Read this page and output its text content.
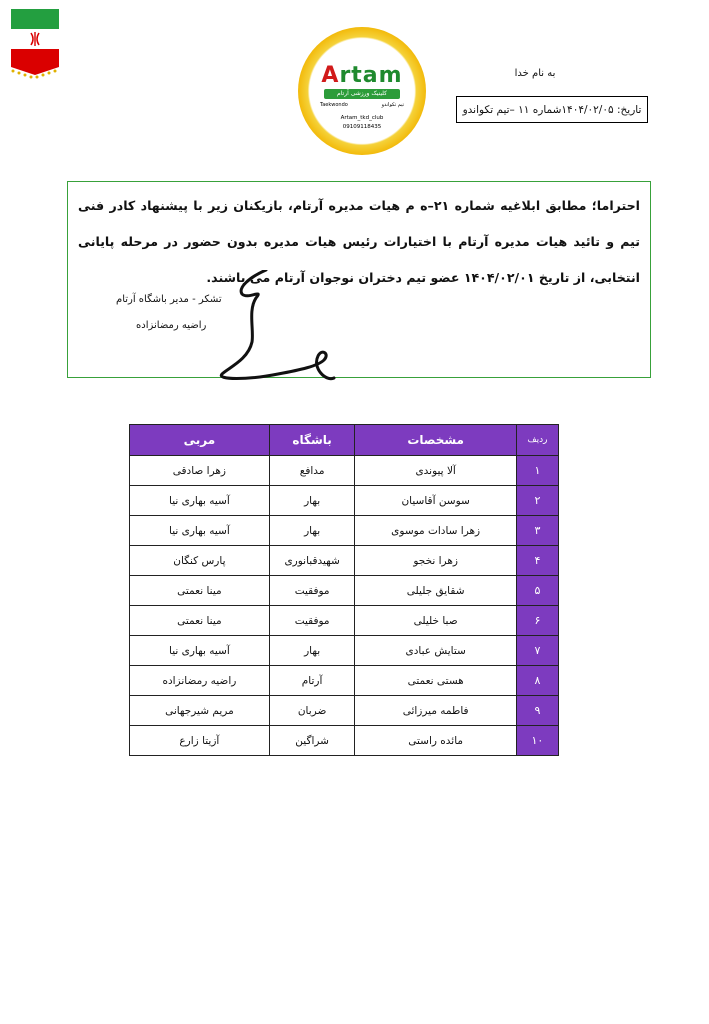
Artam
کلینیک ورزشی آرتام
Taekwondo	تیم تکواندو
Artam_tkd_club
09109118435
به نام خدا
تاریخ: ۱۴۰۴/۰۲/۰۵شماره ۱۱ –تیم تکواندو
احتراما؛ مطابق ابلاغیه شماره ۲۱–ه م هیات مدیره آرتام، بازیکنان زیر با پیشنهاد کادر فنی تیم و تائید هیات مدیره آرتام با اختیارات رئیس هیات مدیره بدون حضور در مرحله پایانی انتخابی، از تاریخ ۱۴۰۴/۰۲/۰۱ عضو تیم دختران نوجوان آرتام می باشند.
تشکر - مدیر باشگاه آرتام
راضیه رمضانزاده
ردیف	مشخصات	باشگاه	مربی
۱	آلا پیوندی	مدافع	زهرا صادقی
۲	سوسن آقاسیان	بهار	آسیه بهاری نیا
۳	زهرا سادات موسوی	بهار	آسیه بهاری نیا
۴	زهرا نخجو	شهیدقبانوری	پارس کنگان
۵	شقایق جلیلی	موفقیت	مینا نعمتی
۶	صبا خلیلی	موفقیت	مینا نعمتی
۷	ستایش عبادی	بهار	آسیه بهاری نیا
۸	هستی نعمتی	آرتام	راضیه رمضانزاده
۹	فاطمه میرزائی	ضربان	مریم شیرجهانی
۱۰	مائده راستی	شراگین	آزیتا زارع
